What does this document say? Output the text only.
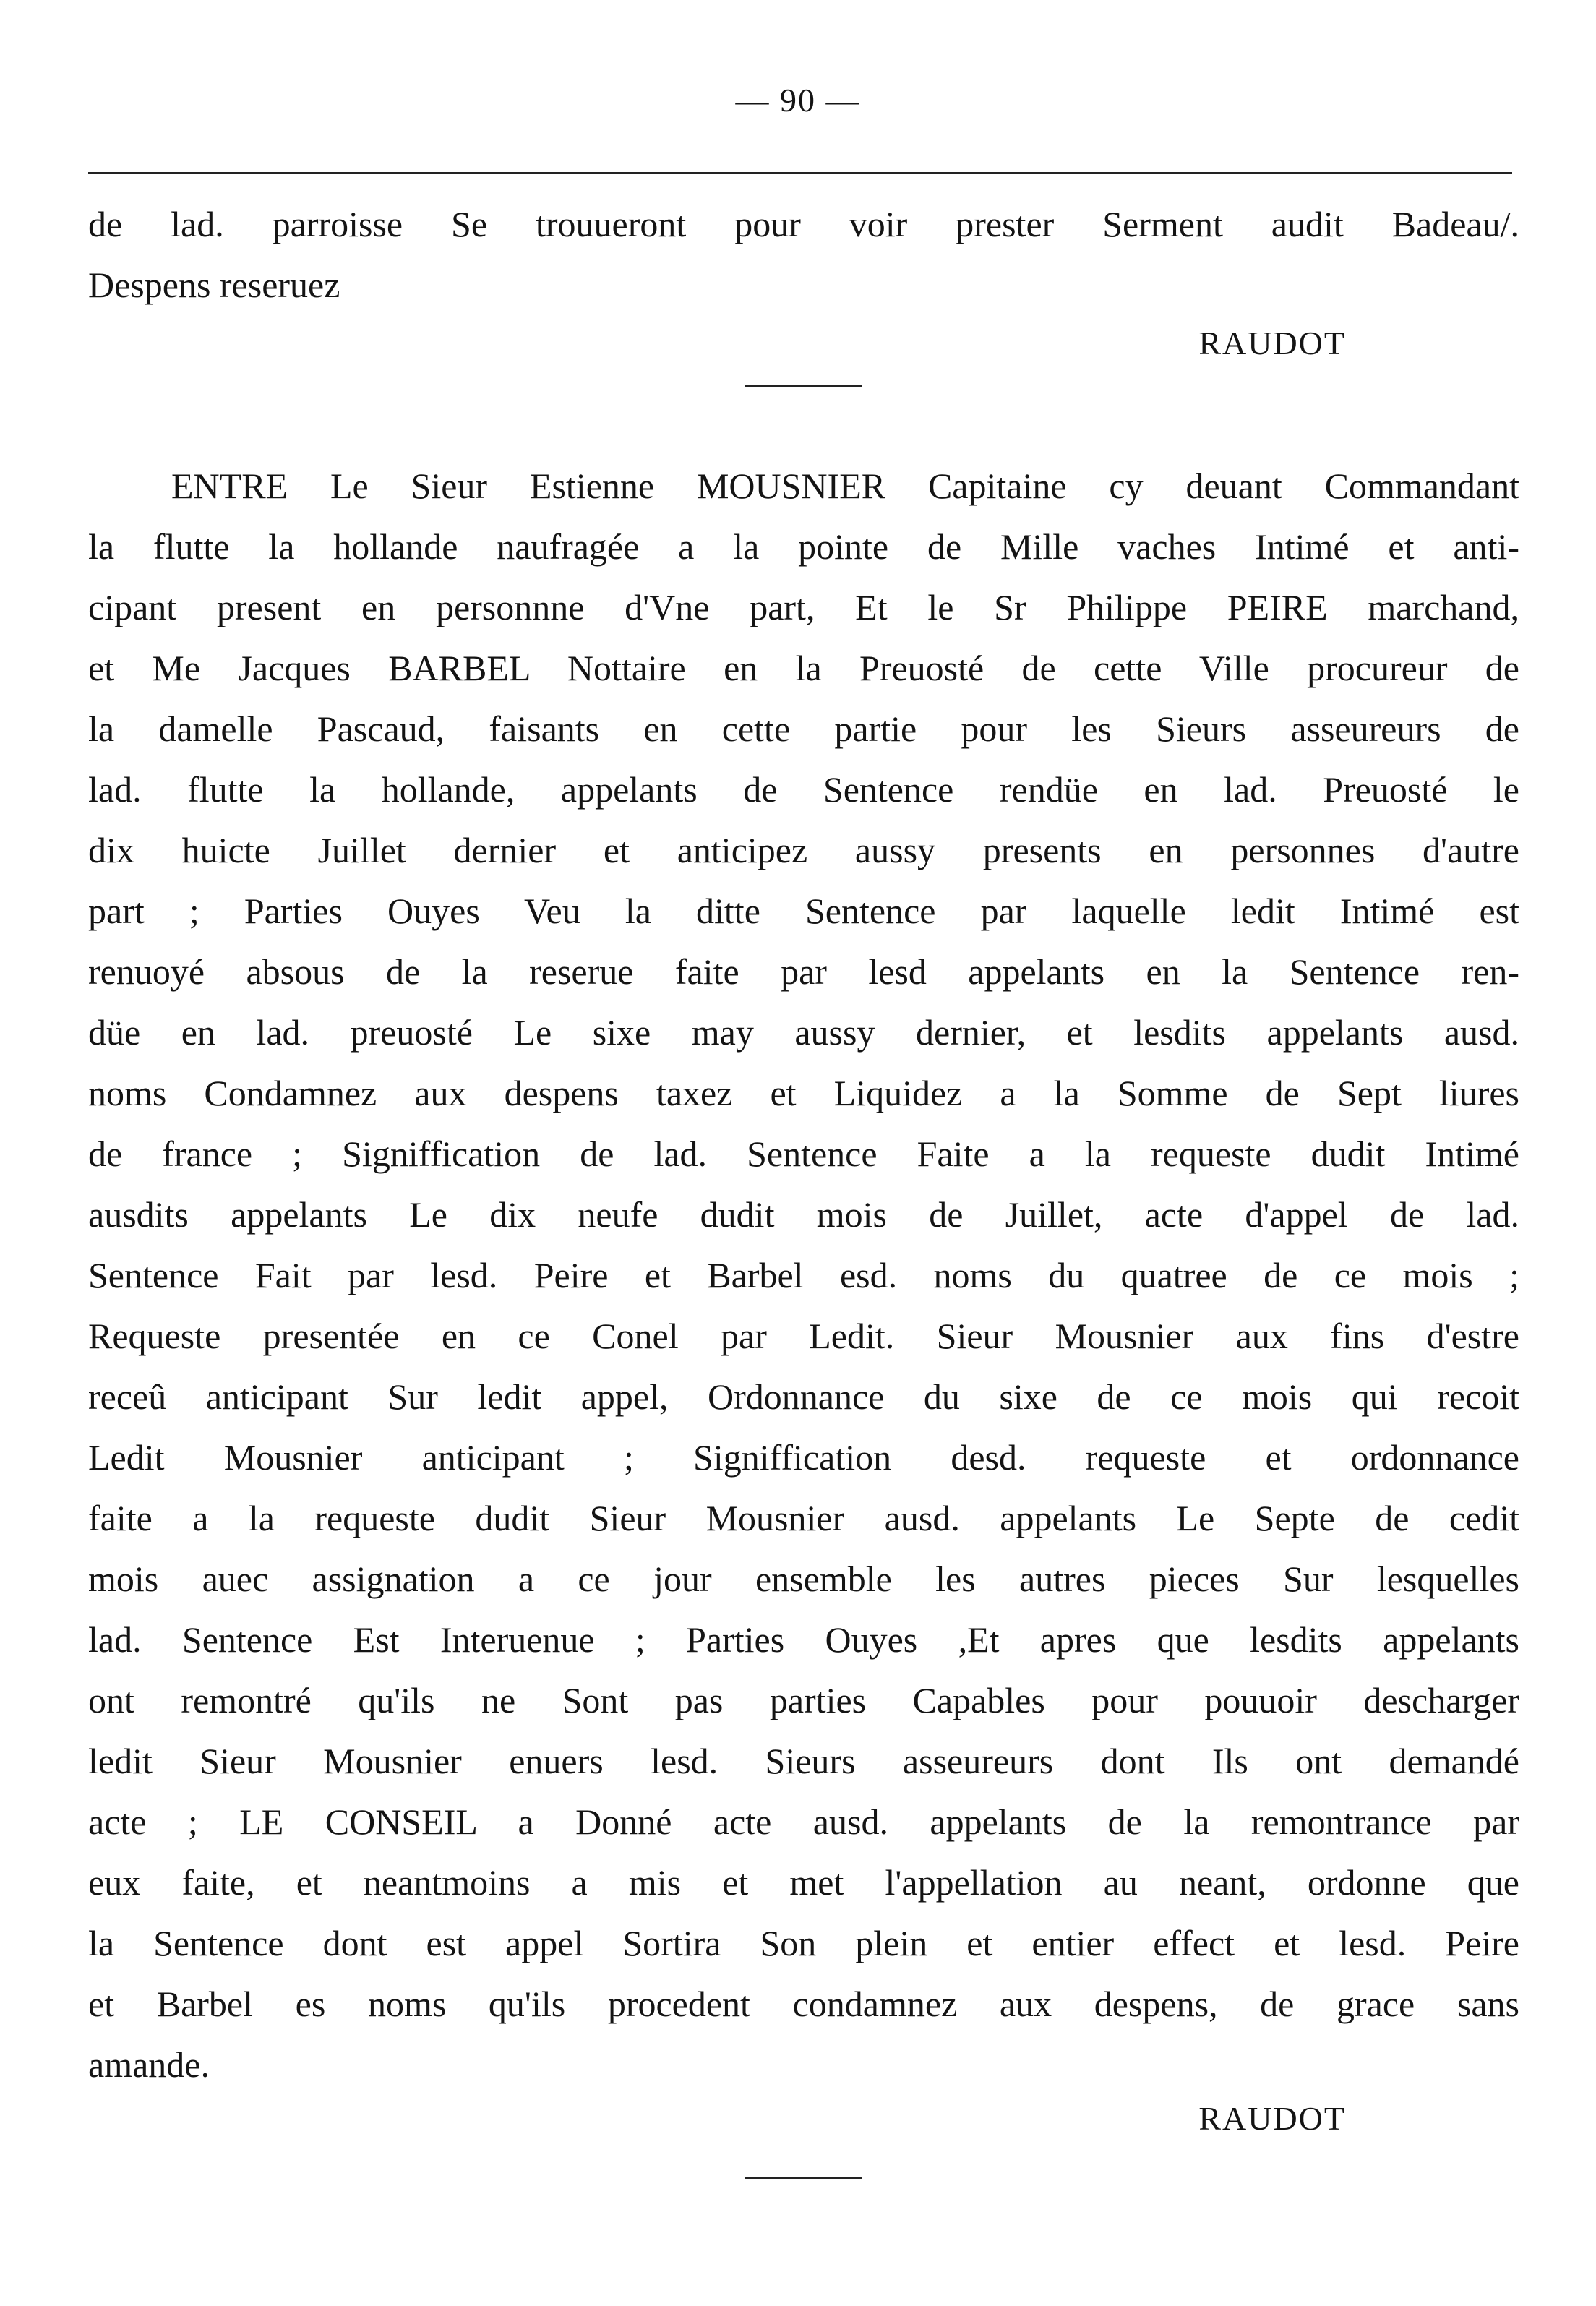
— 90 —
de lad. parroisse Se trouueront pour voir prester Serment audit Badeau/.
Despens reseruez
RAUDOT
ENTRE Le Sieur Estienne MOUSNIER Capitaine cy deuant Commandant
la flutte la hollande naufragée a la pointe de Mille vaches Intimé et anti-
cipant present en personnne d'Vne part, Et le Sr Philippe PEIRE marchand,
et Me Jacques BARBEL Nottaire en la Preuosté de cette Ville procureur de
la damelle Pascaud, faisants en cette partie pour les Sieurs asseureurs de
lad. flutte la hollande, appelants de Sentence rendüe en lad. Preuosté le
dix huicte Juillet dernier et anticipez aussy presents en personnes d'autre
part ; Parties Ouyes Veu la ditte Sentence par laquelle ledit Intimé est
renuoyé absous de la reserue faite par lesd appelants en la Sentence ren-
düe en lad. preuosté Le sixe may aussy dernier, et lesdits appelants ausd.
noms Condamnez aux despens taxez et Liquidez a la Somme de Sept liures
de france ; Signiffication de lad. Sentence Faite a la requeste dudit Intimé
ausdits appelants Le dix neufe dudit mois de Juillet, acte d'appel de lad.
Sentence Fait par lesd. Peire et Barbel esd. noms du quatree de ce mois ;
Requeste presentée en ce Conel par Ledit. Sieur Mousnier aux fins d'estre
receû anticipant Sur ledit appel, Ordonnance du sixe de ce mois qui recoit
Ledit Mousnier anticipant ; Signiffication desd. requeste et ordonnance
faite a la requeste dudit Sieur Mousnier ausd. appelants Le Septe de cedit
mois auec assignation a ce jour ensemble les autres pieces Sur lesquelles
lad. Sentence Est Interuenue ; Parties Ouyes ,Et apres que lesdits appelants
ont remontré qu'ils ne Sont pas parties Capables pour pouuoir descharger
ledit Sieur Mousnier enuers lesd. Sieurs asseureurs dont Ils ont demandé
acte ; LE CONSEIL a Donné acte ausd. appelants de la remontrance par
eux faite, et neantmoins a mis et met l'appellation au neant, ordonne que
la Sentence dont est appel Sortira Son plein et entier effect et lesd. Peire
et Barbel es noms qu'ils procedent condamnez aux despens, de grace sans
amande.
RAUDOT
